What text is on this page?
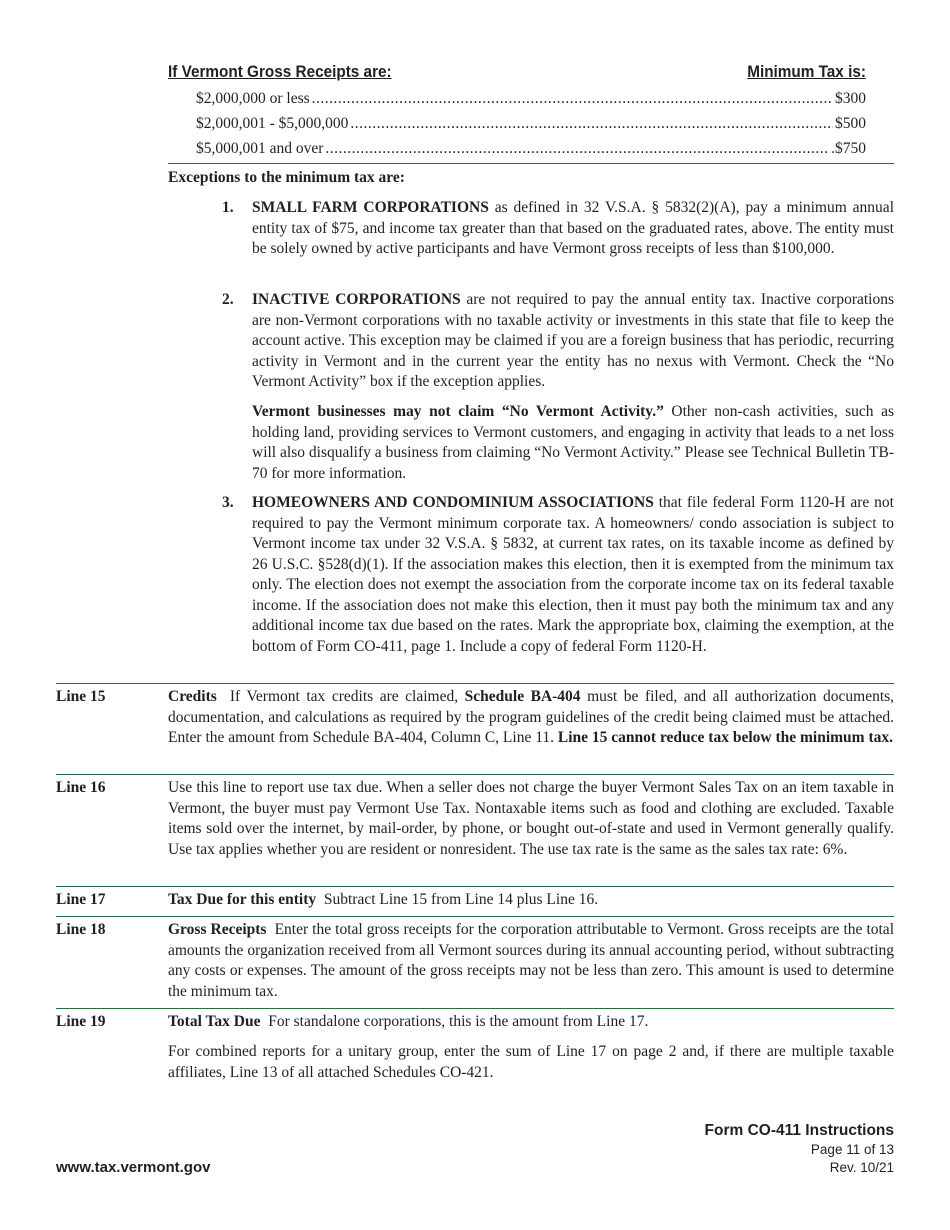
If Vermont Gross Receipts are:	Minimum Tax is:
$2,000,000 or less .....	$300
$2,000,001 - $5,000,000 .....	$500
$5,000,001 and over .....	.$750
Exceptions to the minimum tax are:
1. SMALL FARM CORPORATIONS as defined in 32 V.S.A. § 5832(2)(A), pay a minimum annual entity tax of $75, and income tax greater than that based on the graduated rates, above. The entity must be solely owned by active participants and have Vermont gross receipts of less than $100,000.
2. INACTIVE CORPORATIONS are not required to pay the annual entity tax. Inactive corporations are non-Vermont corporations with no taxable activity or investments in this state that file to keep the account active. This exception may be claimed if you are a foreign business that has periodic, recurring activity in Vermont and in the current year the entity has no nexus with Vermont. Check the “No Vermont Activity” box if the exception applies.
Vermont businesses may not claim “No Vermont Activity.” Other non-cash activities, such as holding land, providing services to Vermont customers, and engaging in activity that leads to a net loss will also disqualify a business from claiming “No Vermont Activity.” Please see Technical Bulletin TB-70 for more information.
3. HOMEOWNERS AND CONDOMINIUM ASSOCIATIONS that file federal Form 1120-H are not required to pay the Vermont minimum corporate tax. A homeowners/ condo association is subject to Vermont income tax under 32 V.S.A. § 5832, at current tax rates, on its taxable income as defined by 26 U.S.C. §528(d)(1). If the association makes this election, then it is exempted from the minimum tax only. The election does not exempt the association from the corporate income tax on its federal taxable income. If the association does not make this election, then it must pay both the minimum tax and any additional income tax due based on the rates. Mark the appropriate box, claiming the exemption, at the bottom of Form CO-411, page 1. Include a copy of federal Form 1120-H.
Line 15	Credits If Vermont tax credits are claimed, Schedule BA-404 must be filed, and all authorization documents, documentation, and calculations as required by the program guidelines of the credit being claimed must be attached. Enter the amount from Schedule BA-404, Column C, Line 11. Line 15 cannot reduce tax below the minimum tax.
Line 16	Use this line to report use tax due. When a seller does not charge the buyer Vermont Sales Tax on an item taxable in Vermont, the buyer must pay Vermont Use Tax. Nontaxable items such as food and clothing are excluded. Taxable items sold over the internet, by mail-order, by phone, or bought out-of-state and used in Vermont generally qualify. Use tax applies whether you are resident or nonresident. The use tax rate is the same as the sales tax rate: 6%.
Line 17	Tax Due for this entity Subtract Line 15 from Line 14 plus Line 16.
Line 18	Gross Receipts Enter the total gross receipts for the corporation attributable to Vermont. Gross receipts are the total amounts the organization received from all Vermont sources during its annual accounting period, without subtracting any costs or expenses. The amount of the gross receipts may not be less than zero. This amount is used to determine the minimum tax.
Line 19	Total Tax Due For standalone corporations, this is the amount from Line 17.
For combined reports for a unitary group, enter the sum of Line 17 on page 2 and, if there are multiple taxable affiliates, Line 13 of all attached Schedules CO-421.
www.tax.vermont.gov
Form CO-411 Instructions
Page 11 of 13
Rev. 10/21
